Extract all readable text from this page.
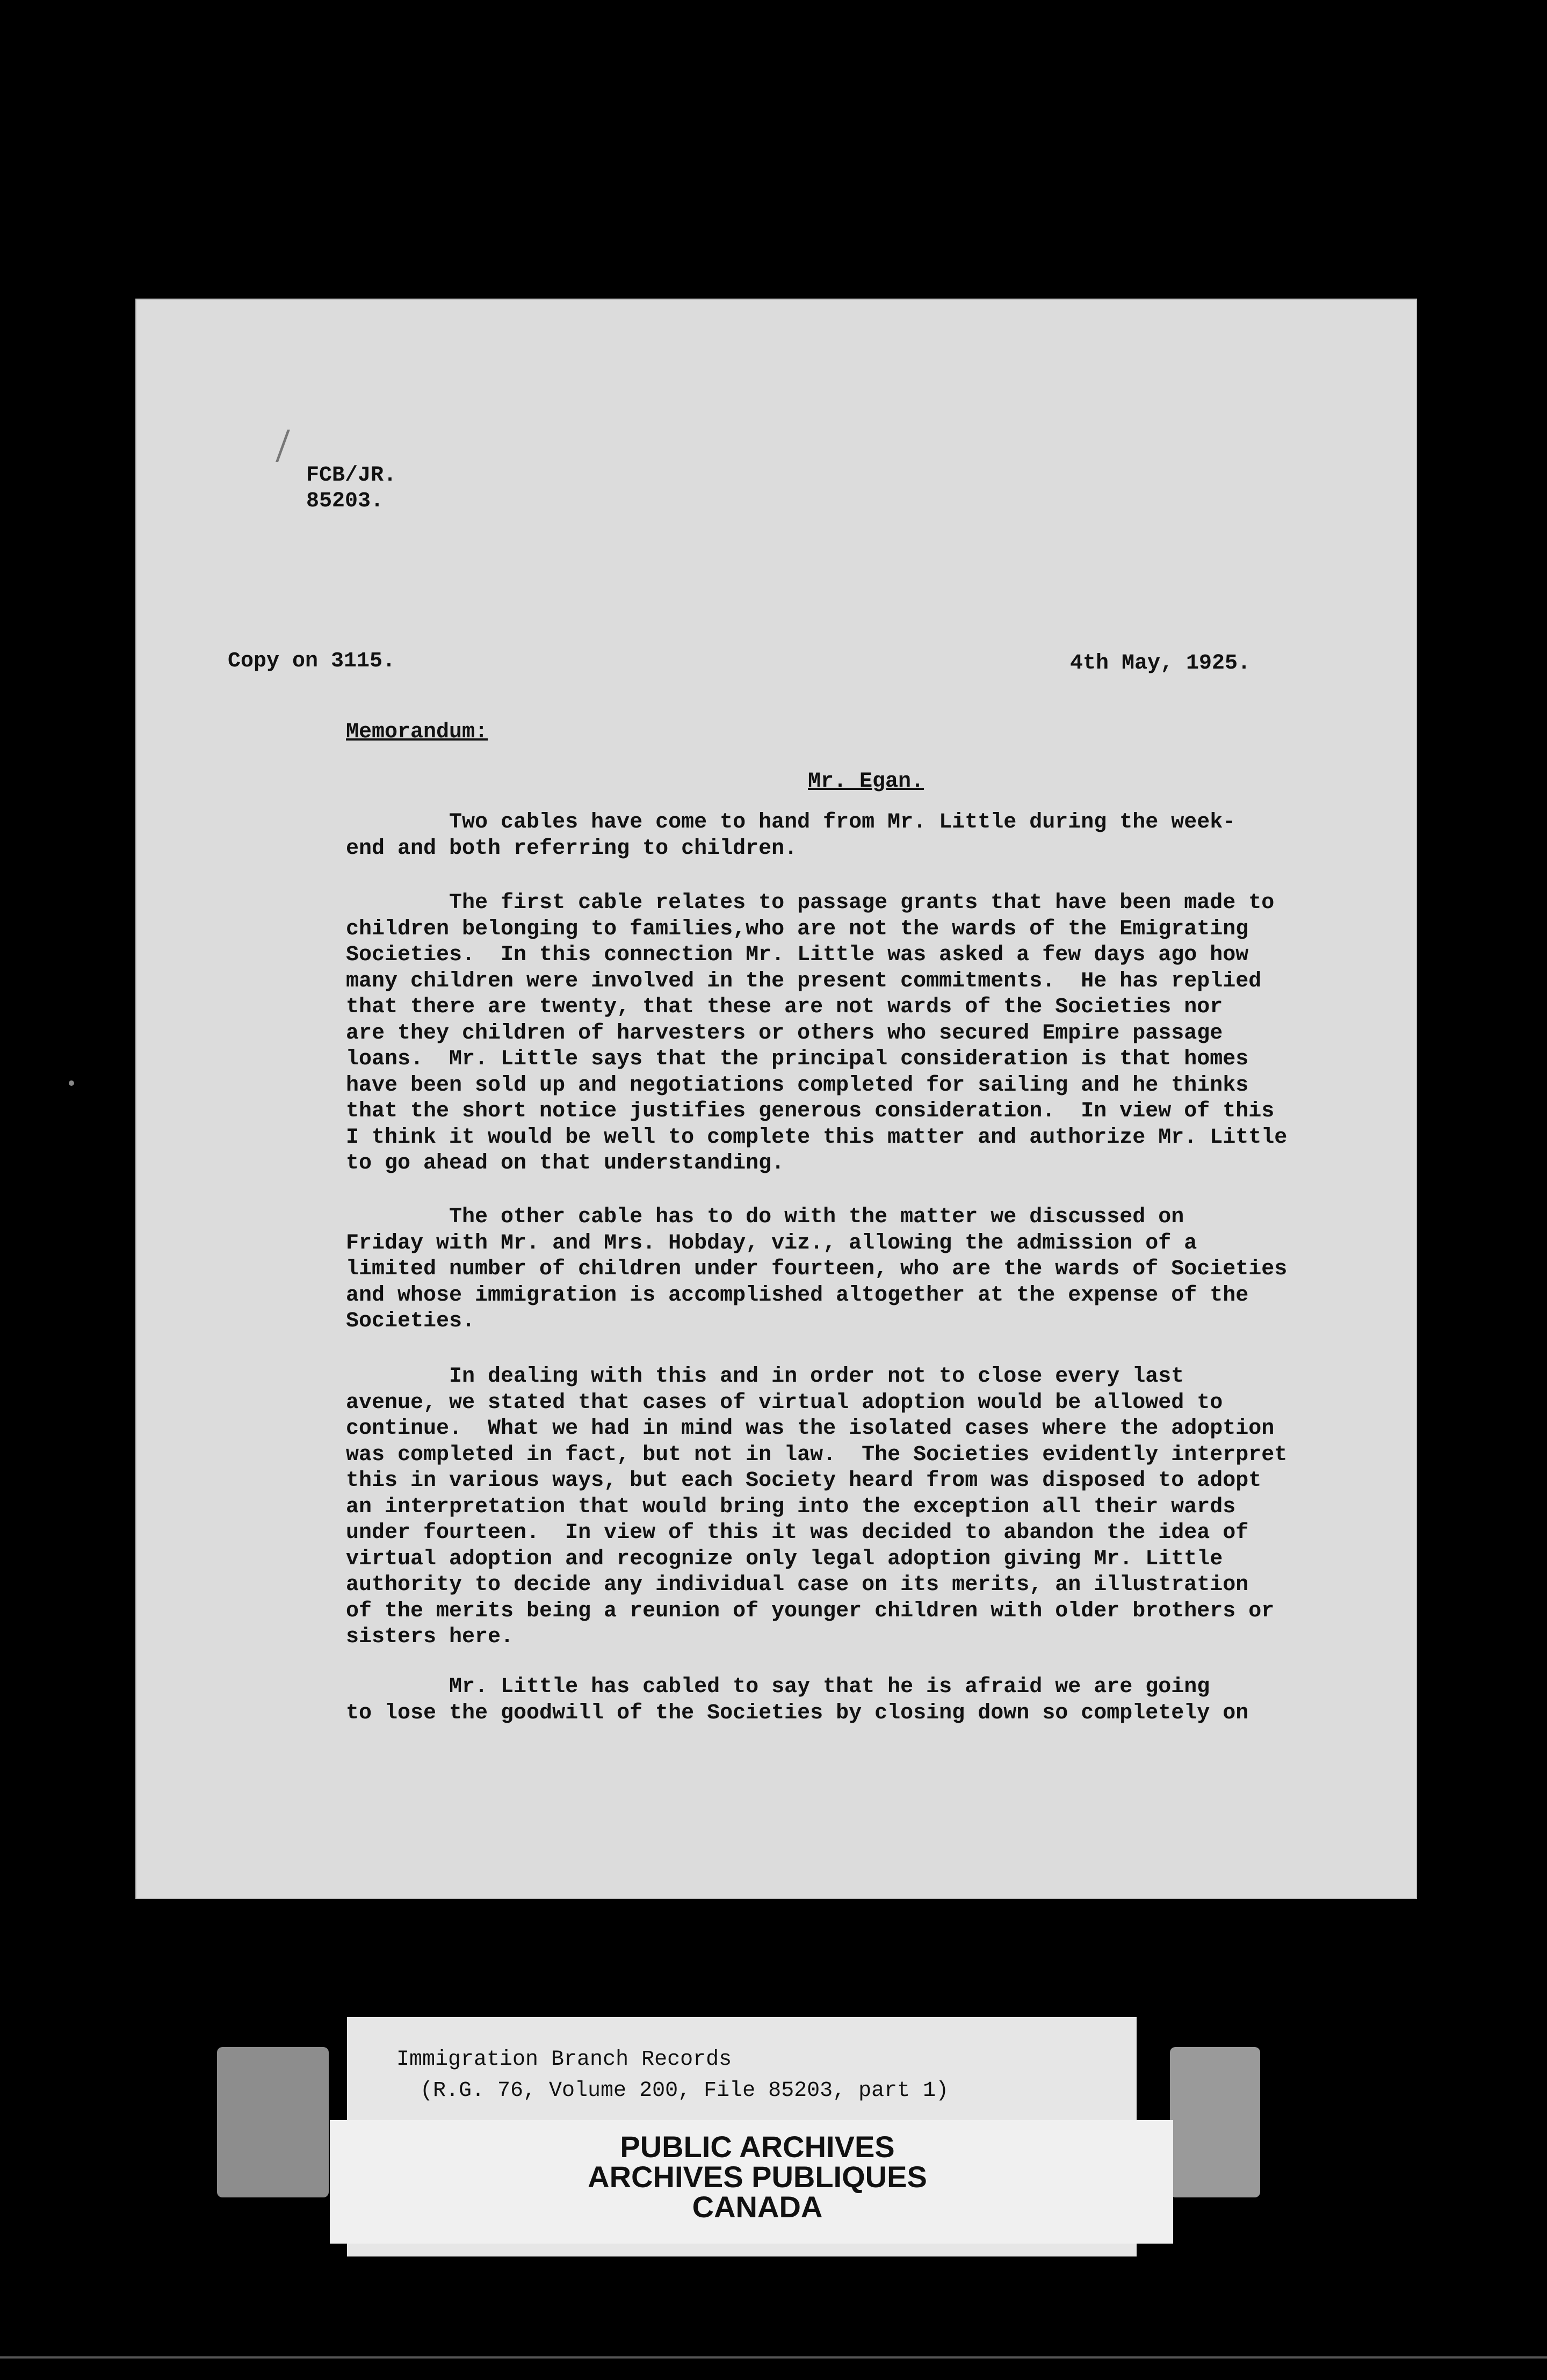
FCB/JR.
85203.
Copy on 3115.	4th May, 1925.
Memorandum:
Mr. Egan.
Two cables have come to hand from Mr. Little during the week-
end and both referring to children.
The first cable relates to passage grants that have been made to
children belonging to families,who are not the wards of the Emigrating
Societies.  In this connection Mr. Little was asked a few days ago how
many children were involved in the present commitments.  He has replied
that there are twenty, that these are not wards of the Societies nor
are they children of harvesters or others who secured Empire passage
loans.  Mr. Little says that the principal consideration is that homes
have been sold up and negotiations completed for sailing and he thinks
that the short notice justifies generous consideration.  In view of this
I think it would be well to complete this matter and authorize Mr. Little
to go ahead on that understanding.
The other cable has to do with the matter we discussed on
Friday with Mr. and Mrs. Hobday, viz., allowing the admission of a
limited number of children under fourteen, who are the wards of Societies
and whose immigration is accomplished altogether at the expense of the
Societies.
In dealing with this and in order not to close every last
avenue, we stated that cases of virtual adoption would be allowed to
continue.  What we had in mind was the isolated cases where the adoption
was completed in fact, but not in law.  The Societies evidently interpret
this in various ways, but each Society heard from was disposed to adopt
an interpretation that would bring into the exception all their wards
under fourteen.  In view of this it was decided to abandon the idea of
virtual adoption and recognize only legal adoption giving Mr. Little
authority to decide any individual case on its merits, an illustration
of the merits being a reunion of younger children with older brothers or
sisters here.
Mr. Little has cabled to say that he is afraid we are going
to lose the goodwill of the Societies by closing down so completely on
Immigration Branch Records
(R.G. 76, Volume 200, File 85203, part 1)
PUBLIC ARCHIVES
ARCHIVES PUBLIQUES
CANADA
